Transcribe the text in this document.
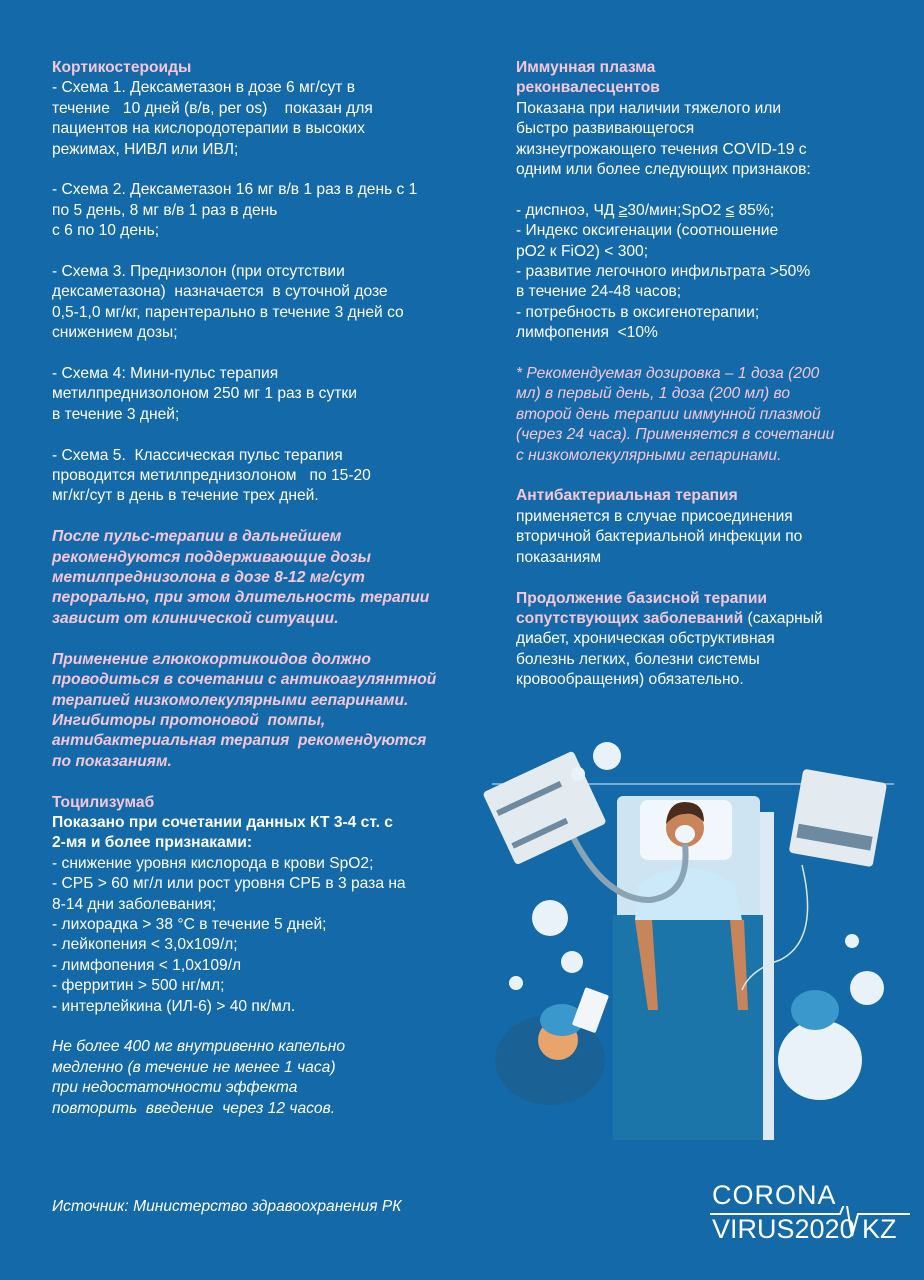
Кортикостероиды
- Схема 1. Дексаметазон в дозе 6 мг/сут в
течение   10 дней (в/в, per os)    показан для
пациентов на кислородотерапии в высоких
режимах, НИВЛ или ИВЛ;
- Схема 2. Дексаметазон 16 мг в/в 1 раз в день с 1
по 5 день, 8 мг в/в 1 раз в день
с 6 по 10 день;
- Схема 3. Преднизолон (при отсутствии
дексаметазона)  назначается  в суточной дозе
0,5-1,0 мг/кг, парентерально в течение 3 дней со
снижением дозы;
- Схема 4: Мини-пульс терапия
метилпреднизолоном 250 мг 1 раз в сутки
в течение 3 дней;
- Схема 5.  Классическая пульс терапия
проводится метилпреднизолоном   по 15-20
мг/кг/сут в день в течение трех дней.
После пульс-терапии в дальнейшем
рекомендуются поддерживающие дозы
метилпреднизолона в дозе 8-12 мг/сут
перорально, при этом длительность терапии
зависит от клинической ситуации.
Применение глюкокортикоидов должно
проводиться в сочетании с антикоагулянтной
терапией низкомолекулярными гепаринами.
Ингибиторы протоновой  помпы,
антибактериальная терапия  рекомендуются
по показаниям.
Тоцилизумаб
Показано при сочетании данных КТ 3-4 ст. с
2-мя и более признаками:
- снижение уровня кислорода в крови SpO2;
- СРБ > 60 мг/л или рост уровня СРБ в 3 раза на
8-14 дни заболевания;
- лихорадка > 38 °С в течение 5 дней;
- лейкопения < 3,0х109/л;
- лимфопения < 1,0х109/л
- ферритин > 500 нг/мл;
- интерлейкина (ИЛ-6) > 40 пк/мл.
Не более 400 мг внутривенно капельно
медленно (в течение не менее 1 часа)
при недостаточности эффекта
повторить  введение  через 12 часов.
Иммунная плазма
реконвалесцентов
Показана при наличии тяжелого или
быстро развивающегося
жизнеугрожающего течения COVID-19 с
одним или более следующих признаков:
- диспноэ, ЧД ≥30/мин;SpO2 ≤ 85%;
- Индекс оксигенации (соотношение
рО2 к FiO2) < 300;
- развитие легочного инфильтрата >50%
в течение 24-48 часов;
- потребность в оксигенотерапии;
лимфопения  <10%
* Рекомендуемая дозировка – 1 доза (200
мл) в первый день, 1 доза (200 мл) во
второй день терапии иммунной плазмой
(через 24 часа). Применяется в сочетании
с низкомолекулярными гепаринами.
Антибактериальная терапия
применяется в случае присоединения
вторичной бактериальной инфекции по
показаниям
Продолжение базисной терапии
сопутствующих заболеваний (сахарный
диабет, хроническая обструктивная
болезнь легких, болезни системы
кровообращения) обязательно.
Источник: Министерство здравоохранения РК	CORONA
VIRUS2020 KZ
